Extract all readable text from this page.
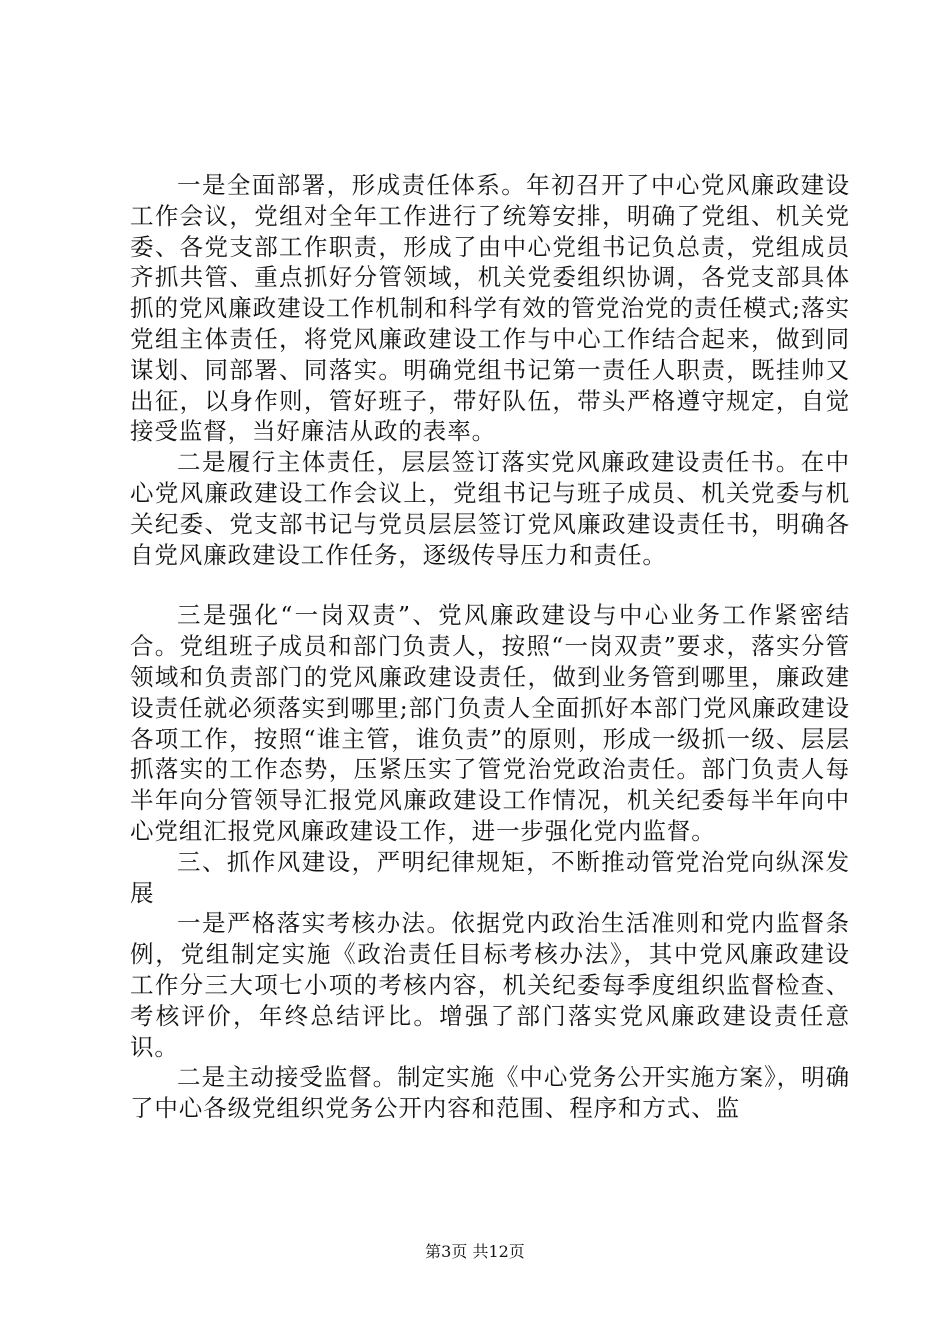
一是全面部署，形成责任体系。年初召开了中心党风廉政建设工作会议，党组对全年工作进行了统筹安排，明确了党组、机关党委、各党支部工作职责，形成了由中心党组书记负总责，党组成员齐抓共管、重点抓好分管领域，机关党委组织协调，各党支部具体抓的党风廉政建设工作机制和科学有效的管党治党的责任模式;落实党组主体责任，将党风廉政建设工作与中心工作结合起来，做到同谋划、同部署、同落实。明确党组书记第一责任人职责，既挂帅又出征，以身作则，管好班子，带好队伍，带头严格遵守规定，自觉接受监督，当好廉洁从政的表率。

二是履行主体责任，层层签订落实党风廉政建设责任书。在中心党风廉政建设工作会议上，党组书记与班子成员、机关党委与机关纪委、党支部书记与党员层层签订党风廉政建设责任书，明确各自党风廉政建设工作任务，逐级传导压力和责任。

三是强化“一岗双责”、党风廉政建设与中心业务工作紧密结合。党组班子成员和部门负责人，按照“一岗双责”要求，落实分管领域和负责部门的党风廉政建设责任，做到业务管到哪里，廉政建设责任就必须落实到哪里;部门负责人全面抓好本部门党风廉政建设各项工作，按照“谁主管，谁负责”的原则，形成一级抓一级、层层抓落实的工作态势，压紧压实了管党治党政治责任。部门负责人每半年向分管领导汇报党风廉政建设工作情况，机关纪委每半年向中心党组汇报党风廉政建设工作，进一步强化党内监督。

三、抓作风建设，严明纪律规矩，不断推动管党治党向纵深发展

一是严格落实考核办法。依据党内政治生活准则和党内监督条例，党组制定实施《政治责任目标考核办法》，其中党风廉政建设工作分三大项七小项的考核内容，机关纪委每季度组织监督检查、考核评价，年终总结评比。增强了部门落实党风廉政建设责任意识。

二是主动接受监督。制定实施《中心党务公开实施方案》，明确了中心各级党组织党务公开内容和范围、程序和方式、监

第3页 共12页
